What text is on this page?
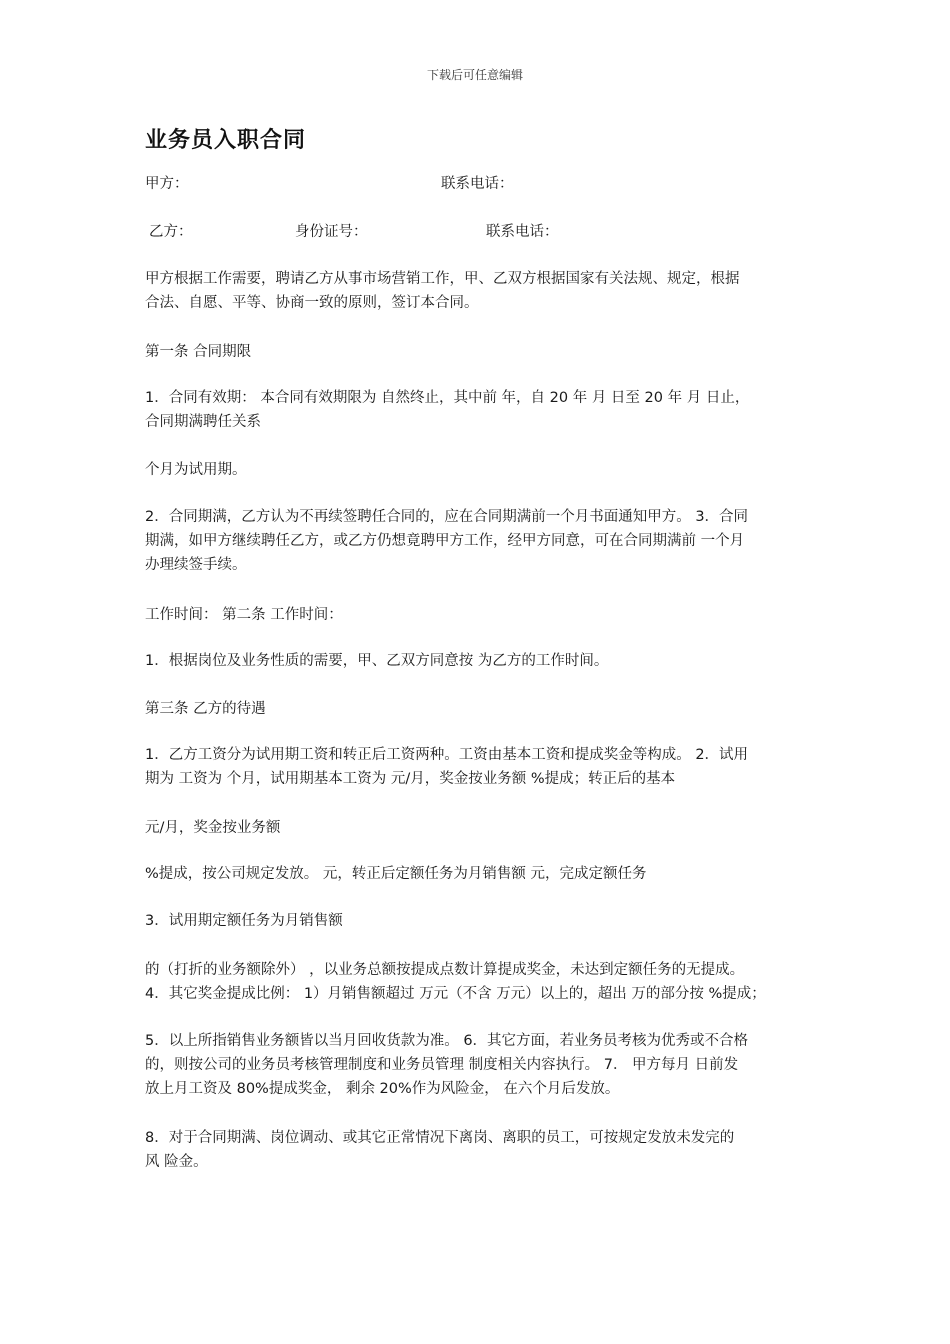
下载后可任意编辑
业务员入职合同
甲方：	联系电话：
乙方：	身份证号：	联系电话：
甲方根据工作需要，聘请乙方从事市场营销工作，甲、乙双方根据国家有关法规、规定，根据
合法、自愿、平等、协商一致的原则，签订本合同。
第一条 合同期限
1．合同有效期： 本合同有效期限为 自然终止，其中前 年，自 20 年 月 日至 20 年 月 日止，
合同期满聘任关系
个月为试用期。
2．合同期满，乙方认为不再续签聘任合同的，应在合同期满前一个月书面通知甲方。 3．合同
期满，如甲方继续聘任乙方，或乙方仍想竟聘甲方工作，经甲方同意，可在合同期满前 一个月
办理续签手续。
工作时间： 第二条 工作时间：
1．根据岗位及业务性质的需要，甲、乙双方同意按 为乙方的工作时间。
第三条 乙方的待遇
1．乙方工资分为试用期工资和转正后工资两种。工资由基本工资和提成奖金等构成。 2．试用
期为 工资为 个月，试用期基本工资为 元/月，奖金按业务额 %提成；转正后的基本
元/月，奖金按业务额
%提成，按公司规定发放。 元，转正后定额任务为月销售额 元，完成定额任务
3．试用期定额任务为月销售额
的（打折的业务额除外） ，以业务总额按提成点数计算提成奖金，未达到定额任务的无提成。
4．其它奖金提成比例： 1）月销售额超过 万元（不含 万元）以上的，超出 万的部分按 %提成；
5．以上所指销售业务额皆以当月回收货款为准。 6．其它方面，若业务员考核为优秀或不合格
的，则按公司的业务员考核管理制度和业务员管理 制度相关内容执行。 7． 甲方每月 日前发
放上月工资及 80%提成奖金， 剩余 20%作为风险金， 在六个月后发放。
8．对于合同期满、岗位调动、或其它正常情况下离岗、离职的员工，可按规定发放未发完的
风 险金。
